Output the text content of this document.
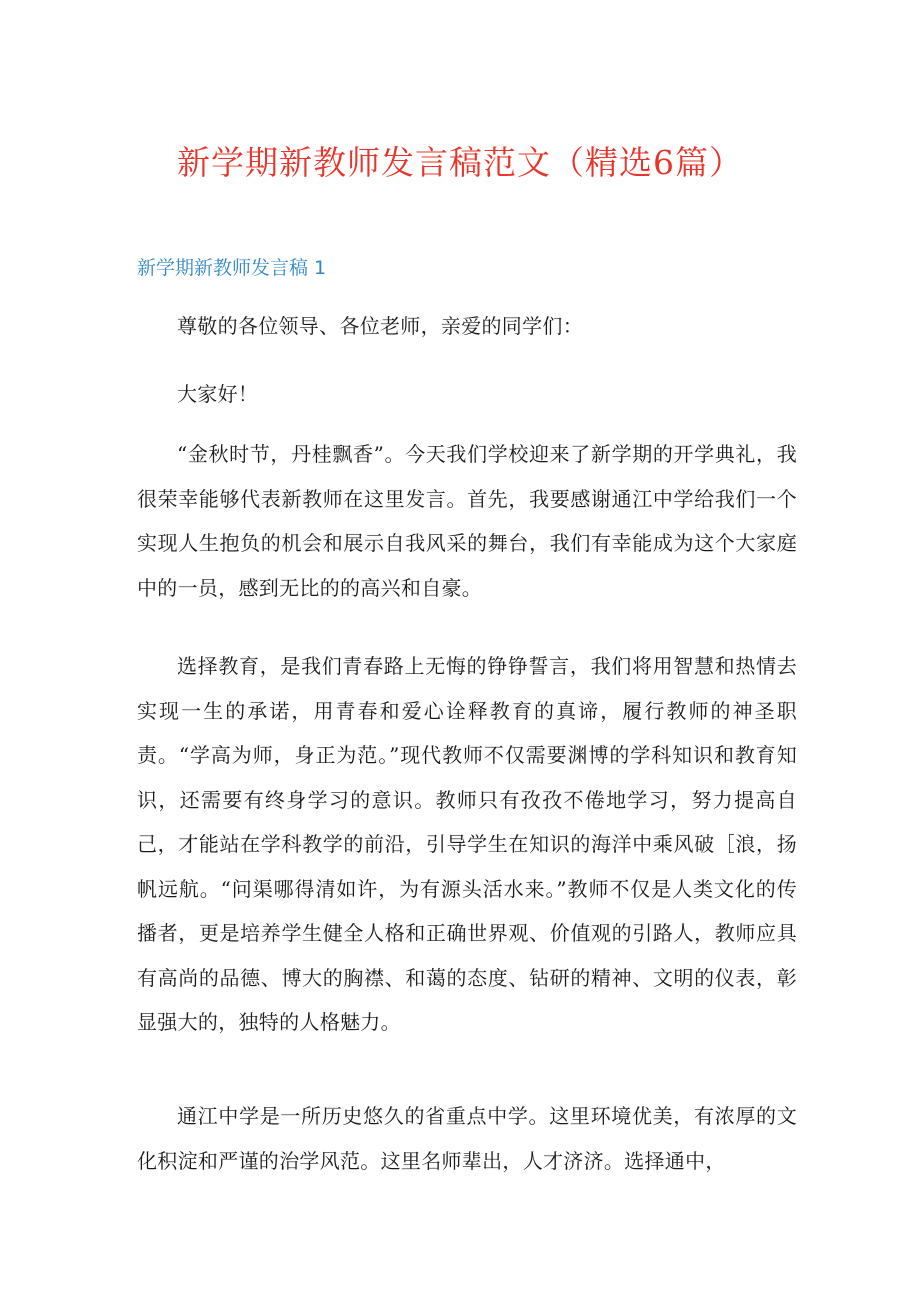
新学期新教师发言稿范文（精选6篇）
新学期新教师发言稿 1

尊敬的各位领导、各位老师，亲爱的同学们：

大家好！

“金秋时节，丹桂飘香”。今天我们学校迎来了新学期的开学典礼，我很荣幸能够代表新教师在这里发言。首先，我要感谢通江中学给我们一个实现人生抱负的机会和展示自我风采的舞台，我们有幸能成为这个大家庭中的一员，感到无比的的高兴和自豪。

选择教育，是我们青春路上无悔的铮铮誓言，我们将用智慧和热情去实现一生的承诺，用青春和爱心诠释教育的真谛，履行教师的神圣职责。“学高为师，身正为范。”现代教师不仅需要渊博的学科知识和教育知识，还需要有终身学习的意识。教师只有孜孜不倦地学习，努力提高自己，才能站在学科教学的前沿，引导学生在知识的海洋中乘风破［浪，扬帆远航。“问渠哪得清如许，为有源头活水来。”教师不仅是人类文化的传播者，更是培养学生健全人格和正确世界观、价值观的引路人，教师应具有高尚的品德、博大的胸襟、和蔼的态度、钻研的精神、文明的仪表，彰显强大的，独特的人格魅力。

通江中学是一所历史悠久的省重点中学。这里环境优美，有浓厚的文化积淀和严谨的治学风范。这里名师辈出，人才济济。选择通中，
